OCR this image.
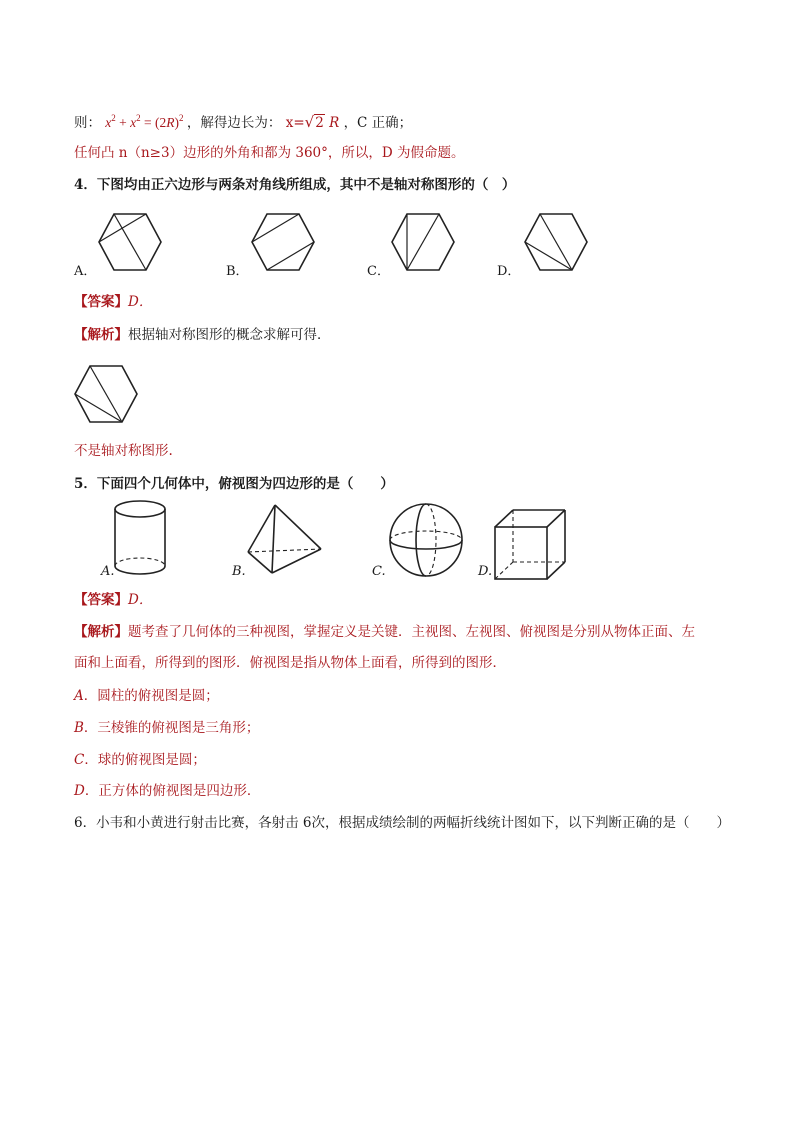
则： $x^2 + x^2 = (2R)^2$ ，解得边长为： x=√2 R ，C 正确；
任何凸 n（n≥3）边形的外角和都为 360°，所以，D 为假命题。
4．下图均由正六边形与两条对角线所组成，其中不是轴对称图形的（　）
A．	B．	C．	D．
【答案】D．
【解析】根据轴对称图形的概念求解可得．
不是轴对称图形.
5．下面四个几何体中，俯视图为四边形的是（　　）
A.	B.	C.	D.
【答案】D．
【解析】题考查了几何体的三种视图，掌握定义是关键．主视图、左视图、俯视图是分别从物体正面、左
面和上面看，所得到的图形．俯视图是指从物体上面看，所得到的图形．
A．圆柱的俯视图是圆；
B．三棱锥的俯视图是三角形；
C．球的俯视图是圆；
D．正方体的俯视图是四边形．
6．小韦和小黄进行射击比赛，各射击 6次，根据成绩绘制的两幅折线统计图如下，以下判断正确的是（　　）
